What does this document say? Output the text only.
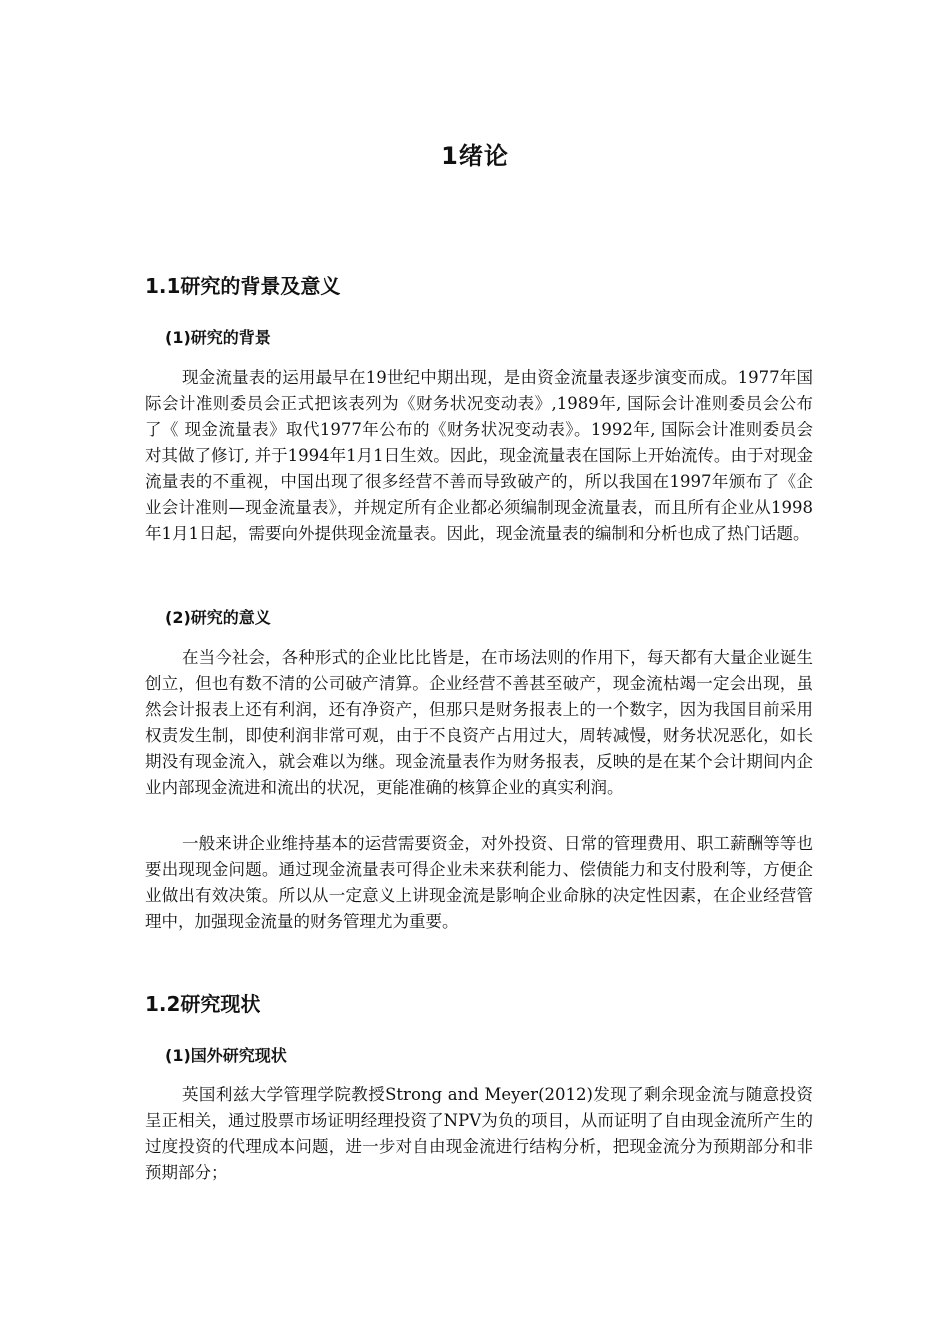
1绪论
1.1研究的背景及意义
(1)研究的背景

现金流量表的运用最早在19世纪中期出现，是由资金流量表逐步演变而成。1977年国际会计准则委员会正式把该表列为《财务状况变动表》,1989年, 国际会计准则委员会公布了《 现金流量表》取代1977年公布的《财务状况变动表》。1992年, 国际会计准则委员会对其做了修订, 并于1994年1月1日生效。因此，现金流量表在国际上开始流传。由于对现金流量表的不重视，中国出现了很多经营不善而导致破产的，所以我国在1997年颁布了《企业会计准则—现金流量表》，并规定所有企业都必须编制现金流量表，而且所有企业从1998年1月1日起，需要向外提供现金流量表。因此，现金流量表的编制和分析也成了热门话题。

(2)研究的意义

在当今社会，各种形式的企业比比皆是，在市场法则的作用下，每天都有大量企业诞生创立，但也有数不清的公司破产清算。企业经营不善甚至破产，现金流枯竭一定会出现，虽然会计报表上还有利润，还有净资产，但那只是财务报表上的一个数字，因为我国目前采用权责发生制，即使利润非常可观，由于不良资产占用过大，周转减慢，财务状况恶化，如长期没有现金流入，就会难以为继。现金流量表作为财务报表，反映的是在某个会计期间内企业内部现金流进和流出的状况，更能准确的核算企业的真实利润。

一般来讲企业维持基本的运营需要资金，对外投资、日常的管理费用、职工薪酬等等也要出现现金问题。通过现金流量表可得企业未来获利能力、偿债能力和支付股利等，方便企业做出有效决策。所以从一定意义上讲现金流是影响企业命脉的决定性因素，在企业经营管理中，加强现金流量的财务管理尤为重要。

1.2研究现状
(1)国外研究现状

英国利兹大学管理学院教授Strong and Meyer(2012)发现了剩余现金流与随意投资呈正相关，通过股票市场证明经理投资了NPV为负的项目，从而证明了自由现金流所产生的过度投资的代理成本问题，进一步对自由现金流进行结构分析，把现金流分为预期部分和非预期部分；
